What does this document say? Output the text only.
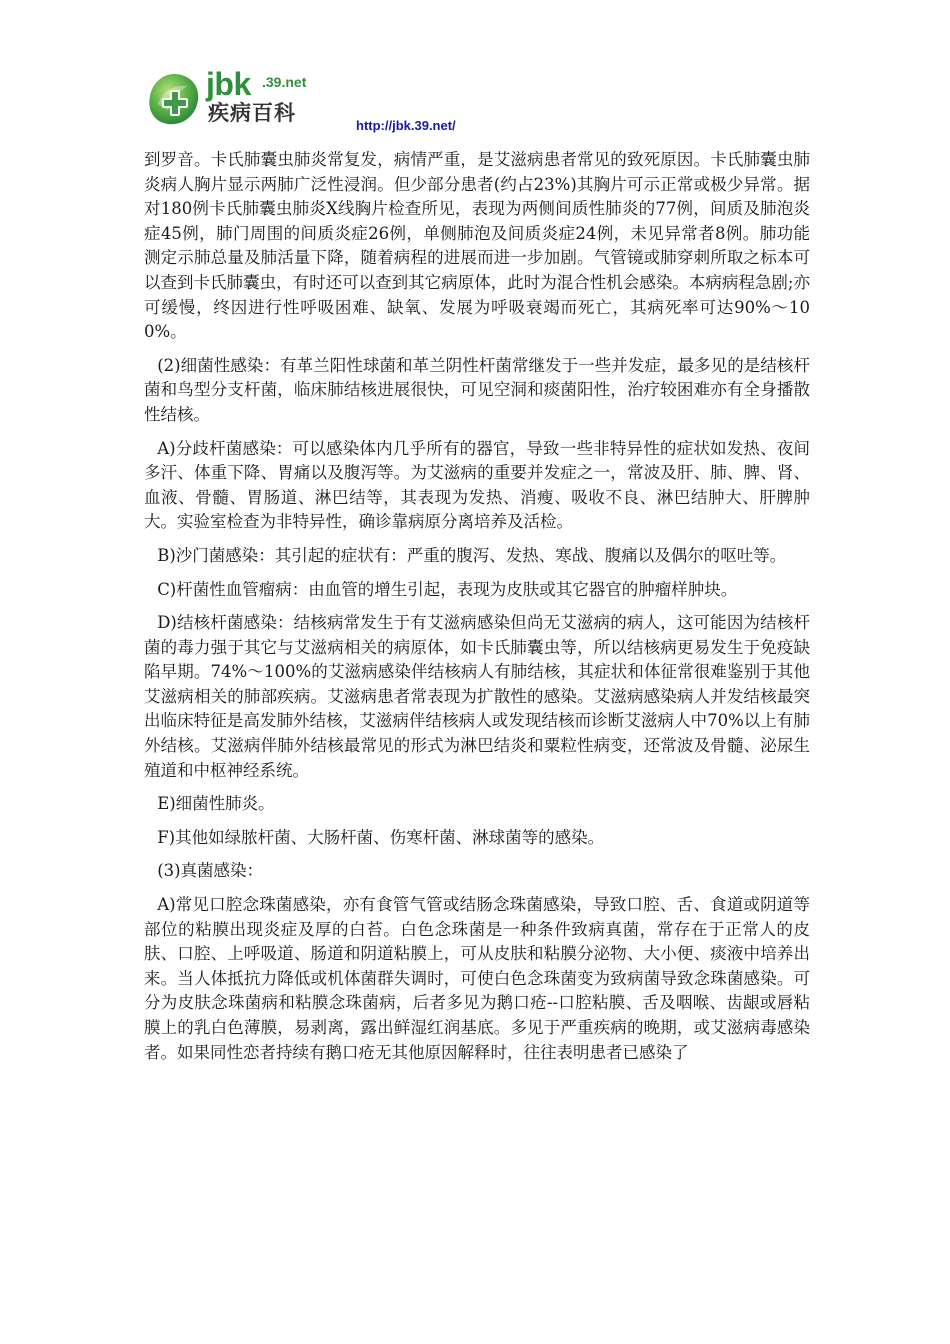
jbk .39.net
疾病百科
http://jbk.39.net/

到罗音。卡氏肺囊虫肺炎常复发，病情严重，是艾滋病患者常见的致死原因。卡氏肺囊虫肺炎病人胸片显示两肺广泛性浸润。但少部分患者(约占23%)其胸片可示正常或极少异常。据对180例卡氏肺囊虫肺炎X线胸片检查所见，表现为两侧间质性肺炎的77例，间质及肺泡炎症45例，肺门周围的间质炎症26例，单侧肺泡及间质炎症24例，未见异常者8例。肺功能测定示肺总量及肺活量下降，随着病程的进展而进一步加剧。气管镜或肺穿刺所取之标本可以查到卡氏肺囊虫，有时还可以查到其它病原体，此时为混合性机会感染。本病病程急剧;亦可缓慢，终因进行性呼吸困难、缺氧、发展为呼吸衰竭而死亡，其病死率可达90%～100%。

(2)细菌性感染：有革兰阳性球菌和革兰阴性杆菌常继发于一些并发症，最多见的是结核杆菌和鸟型分支杆菌，临床肺结核进展很快，可见空洞和痰菌阳性，治疗较困难亦有全身播散性结核。

A)分歧杆菌感染：可以感染体内几乎所有的器官，导致一些非特异性的症状如发热、夜间多汗、体重下降、胃痛以及腹泻等。为艾滋病的重要并发症之一，常波及肝、肺、脾、肾、血液、骨髓、胃肠道、淋巴结等，其表现为发热、消瘦、吸收不良、淋巴结肿大、肝脾肿大。实验室检查为非特异性，确诊靠病原分离培养及活检。

B)沙门菌感染：其引起的症状有：严重的腹泻、发热、寒战、腹痛以及偶尔的呕吐等。

C)杆菌性血管瘤病：由血管的增生引起，表现为皮肤或其它器官的肿瘤样肿块。

D)结核杆菌感染：结核病常发生于有艾滋病感染但尚无艾滋病的病人，这可能因为结核杆菌的毒力强于其它与艾滋病相关的病原体，如卡氏肺囊虫等，所以结核病更易发生于免疫缺陷早期。74%～100%的艾滋病感染伴结核病人有肺结核，其症状和体征常很难鉴别于其他艾滋病相关的肺部疾病。艾滋病患者常表现为扩散性的感染。艾滋病感染病人并发结核最突出临床特征是高发肺外结核，艾滋病伴结核病人或发现结核而诊断艾滋病人中70%以上有肺外结核。艾滋病伴肺外结核最常见的形式为淋巴结炎和粟粒性病变，还常波及骨髓、泌尿生殖道和中枢神经系统。

E)细菌性肺炎。

F)其他如绿脓杆菌、大肠杆菌、伤寒杆菌、淋球菌等的感染。

(3)真菌感染：

A)常见口腔念珠菌感染，亦有食管气管或结肠念珠菌感染，导致口腔、舌、食道或阴道等部位的粘膜出现炎症及厚的白苔。白色念珠菌是一种条件致病真菌，常存在于正常人的皮肤、口腔、上呼吸道、肠道和阴道粘膜上，可从皮肤和粘膜分泌物、大小便、痰液中培养出来。当人体抵抗力降低或机体菌群失调时，可使白色念珠菌变为致病菌导致念珠菌感染。可分为皮肤念珠菌病和粘膜念珠菌病，后者多见为鹅口疮--口腔粘膜、舌及咽喉、齿龈或唇粘膜上的乳白色薄膜，易剥离，露出鲜湿红润基底。多见于严重疾病的晚期，或艾滋病毒感染者。如果同性恋者持续有鹅口疮无其他原因解释时，往往表明患者已感染了
